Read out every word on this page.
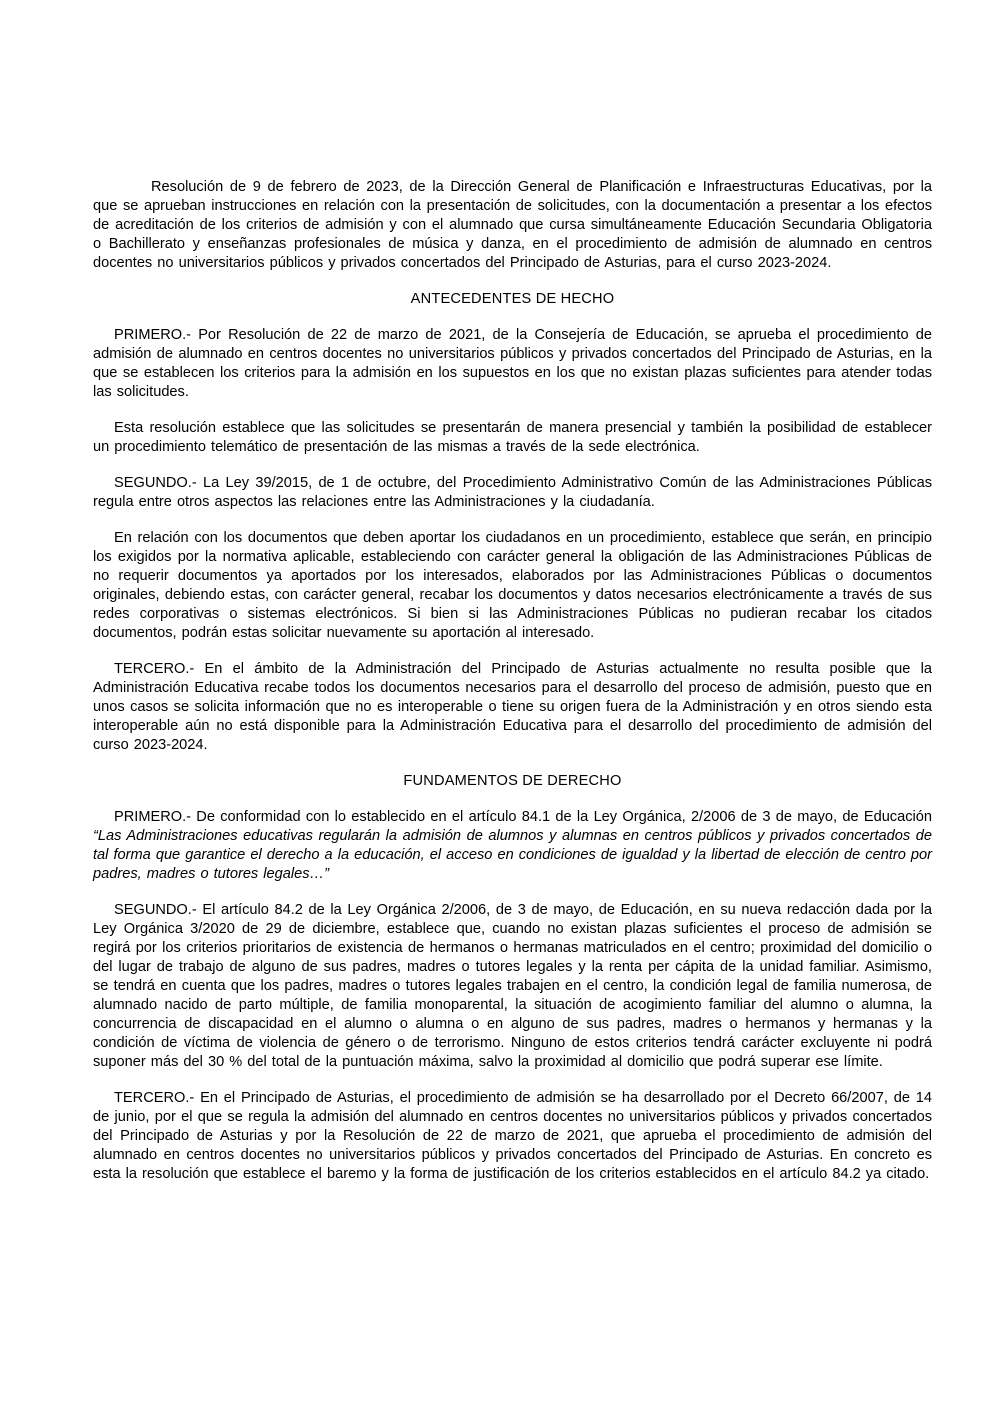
Resolución de 9 de febrero de 2023, de la Dirección General de Planificación e Infraestructuras Educativas, por la que se aprueban instrucciones en relación con la presentación de solicitudes, con la documentación a presentar a los efectos de acreditación de los criterios de admisión y con el alumnado que cursa simultáneamente Educación Secundaria Obligatoria o Bachillerato y enseñanzas profesionales de música y danza, en el procedimiento de admisión de alumnado en centros docentes no universitarios públicos y privados concertados del Principado de Asturias, para el curso 2023-2024.

ANTECEDENTES DE HECHO

PRIMERO.- Por Resolución de 22 de marzo de 2021, de la Consejería de Educación, se aprueba el procedimiento de admisión de alumnado en centros docentes no universitarios públicos y privados concertados del Principado de Asturias, en la que se establecen los criterios para la admisión en los supuestos en los que no existan plazas suficientes para atender todas las solicitudes.

Esta resolución establece que las solicitudes se presentarán de manera presencial y también la posibilidad de establecer un procedimiento telemático de presentación de las mismas a través de la sede electrónica.

SEGUNDO.- La Ley 39/2015, de 1 de octubre, del Procedimiento Administrativo Común de las Administraciones Públicas regula entre otros aspectos las relaciones entre las Administraciones y la ciudadanía.

En relación con los documentos que deben aportar los ciudadanos en un procedimiento, establece que serán, en principio los exigidos por la normativa aplicable, estableciendo con carácter general la obligación de las Administraciones Públicas de no requerir documentos ya aportados por los interesados, elaborados por las Administraciones Públicas o documentos originales, debiendo estas, con carácter general, recabar los documentos y datos necesarios electrónicamente a través de sus redes corporativas o sistemas electrónicos. Si bien si las Administraciones Públicas no pudieran recabar los citados documentos, podrán estas solicitar nuevamente su aportación al interesado.

TERCERO.- En el ámbito de la Administración del Principado de Asturias actualmente no resulta posible que la Administración Educativa recabe todos los documentos necesarios para el desarrollo del proceso de admisión, puesto que en unos casos se solicita información que no es interoperable o tiene su origen fuera de la Administración y en otros siendo esta interoperable aún no está disponible para la Administración Educativa para el desarrollo del procedimiento de admisión del curso 2023-2024.

FUNDAMENTOS DE DERECHO

PRIMERO.- De conformidad con lo establecido en el artículo 84.1 de la Ley Orgánica, 2/2006 de 3 de mayo, de Educación “Las Administraciones educativas regularán la admisión de alumnos y alumnas en centros públicos y privados concertados de tal forma que garantice el derecho a la educación, el acceso en condiciones de igualdad y la libertad de elección de centro por padres, madres o tutores legales…”

SEGUNDO.- El artículo 84.2 de la Ley Orgánica 2/2006, de 3 de mayo, de Educación, en su nueva redacción dada por la Ley Orgánica 3/2020 de 29 de diciembre, establece que, cuando no existan plazas suficientes el proceso de admisión se regirá por los criterios prioritarios de existencia de hermanos o hermanas matriculados en el centro; proximidad del domicilio o del lugar de trabajo de alguno de sus padres, madres o tutores legales y la renta per cápita de la unidad familiar. Asimismo, se tendrá en cuenta que los padres, madres o tutores legales trabajen en el centro, la condición legal de familia numerosa, de alumnado nacido de parto múltiple, de familia monoparental, la situación de acogimiento familiar del alumno o alumna, la concurrencia de discapacidad en el alumno o alumna o en alguno de sus padres, madres o hermanos y hermanas y la condición de víctima de violencia de género o de terrorismo. Ninguno de estos criterios tendrá carácter excluyente ni podrá suponer más del 30 % del total de la puntuación máxima, salvo la proximidad al domicilio que podrá superar ese límite.

TERCERO.- En el Principado de Asturias, el procedimiento de admisión se ha desarrollado por el Decreto 66/2007, de 14 de junio, por el que se regula la admisión del alumnado en centros docentes no universitarios públicos y privados concertados del Principado de Asturias y por la Resolución de 22 de marzo de 2021, que aprueba el procedimiento de admisión del alumnado en centros docentes no universitarios públicos y privados concertados del Principado de Asturias. En concreto es esta la resolución que establece el baremo y la forma de justificación de los criterios establecidos en el artículo 84.2 ya citado.
